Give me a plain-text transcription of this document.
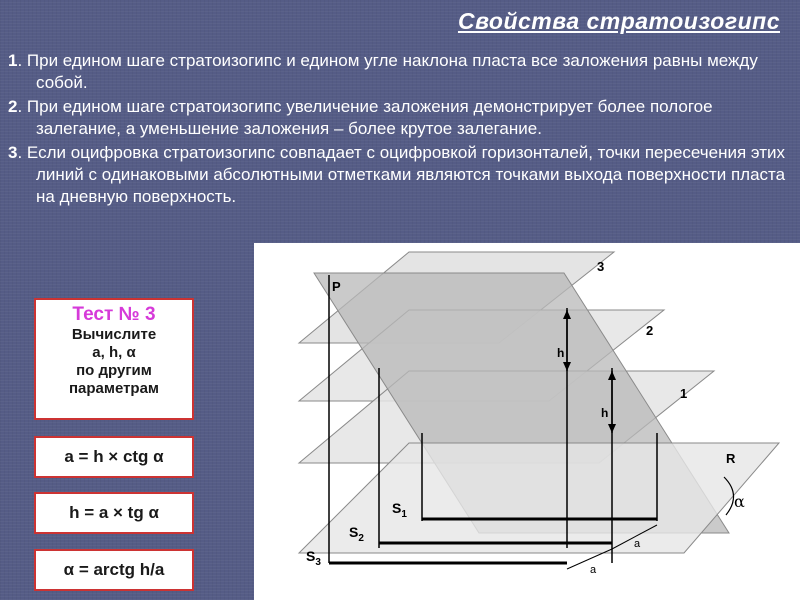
Свойства стратоизогипс
1. При едином шаге стратоизогипс и едином угле наклона пласта все заложения равны между собой.
2. При едином шаге стратоизогипс увеличение заложения демонстрирует более пологое залегание, а уменьшение заложения – более крутое залегание.
3. Если оцифровка стратоизогипс совпадает с оцифровкой горизонталей, точки пересечения этих линий с одинаковыми абсолютными отметками являются точками выхода поверхности пласта на дневную поверхность.
Тест № 3
Вычислите
a, h, α
по другим
параметрам
a = h × ctg α
h = a × tg α
α = arctg h/a
P
3
2
1
R
h
h
$S_1$
$S_2$
$S_3$
a
a
α
